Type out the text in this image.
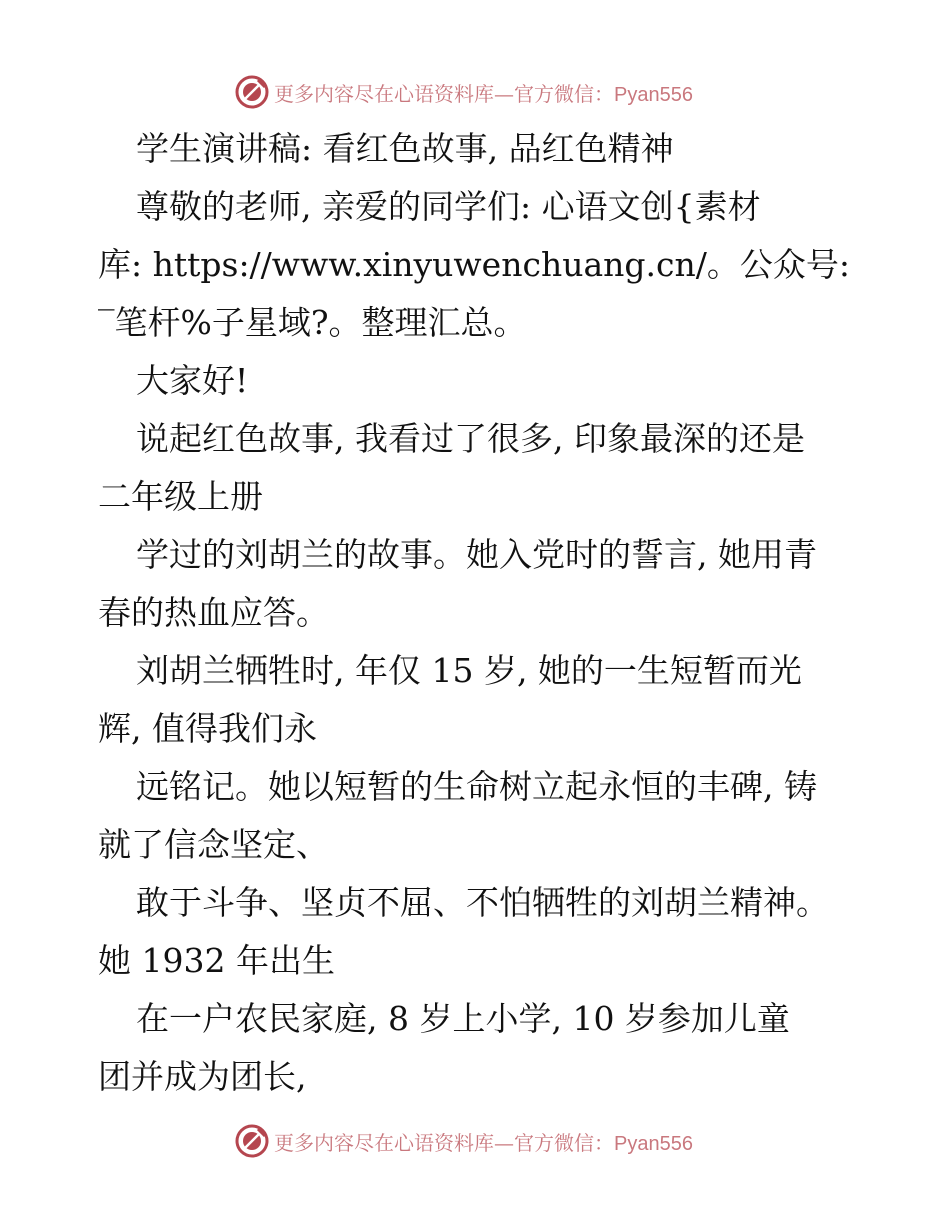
更多内容尽在心语资料库—官方微信：Pyan556
学生演讲稿: 看红色故事, 品红色精神
尊敬的老师, 亲爱的同学们: 心语文创{素材
库: https://www.xinyuwenchuang.cn/。公众号:
‾笔杆%子星域?。整理汇总。
大家好!
说起红色故事, 我看过了很多, 印象最深的还是
二年级上册
学过的刘胡兰的故事。她入党时的誓言, 她用青
春的热血应答。
刘胡兰牺牲时, 年仅 15 岁, 她的一生短暂而光
辉, 值得我们永
远铭记。她以短暂的生命树立起永恒的丰碑, 铸
就了信念坚定、
敢于斗争、坚贞不屈、不怕牺牲的刘胡兰精神。
她 1932 年出生
在一户农民家庭, 8 岁上小学, 10 岁参加儿童
团并成为团长,
更多内容尽在心语资料库—官方微信：Pyan556
